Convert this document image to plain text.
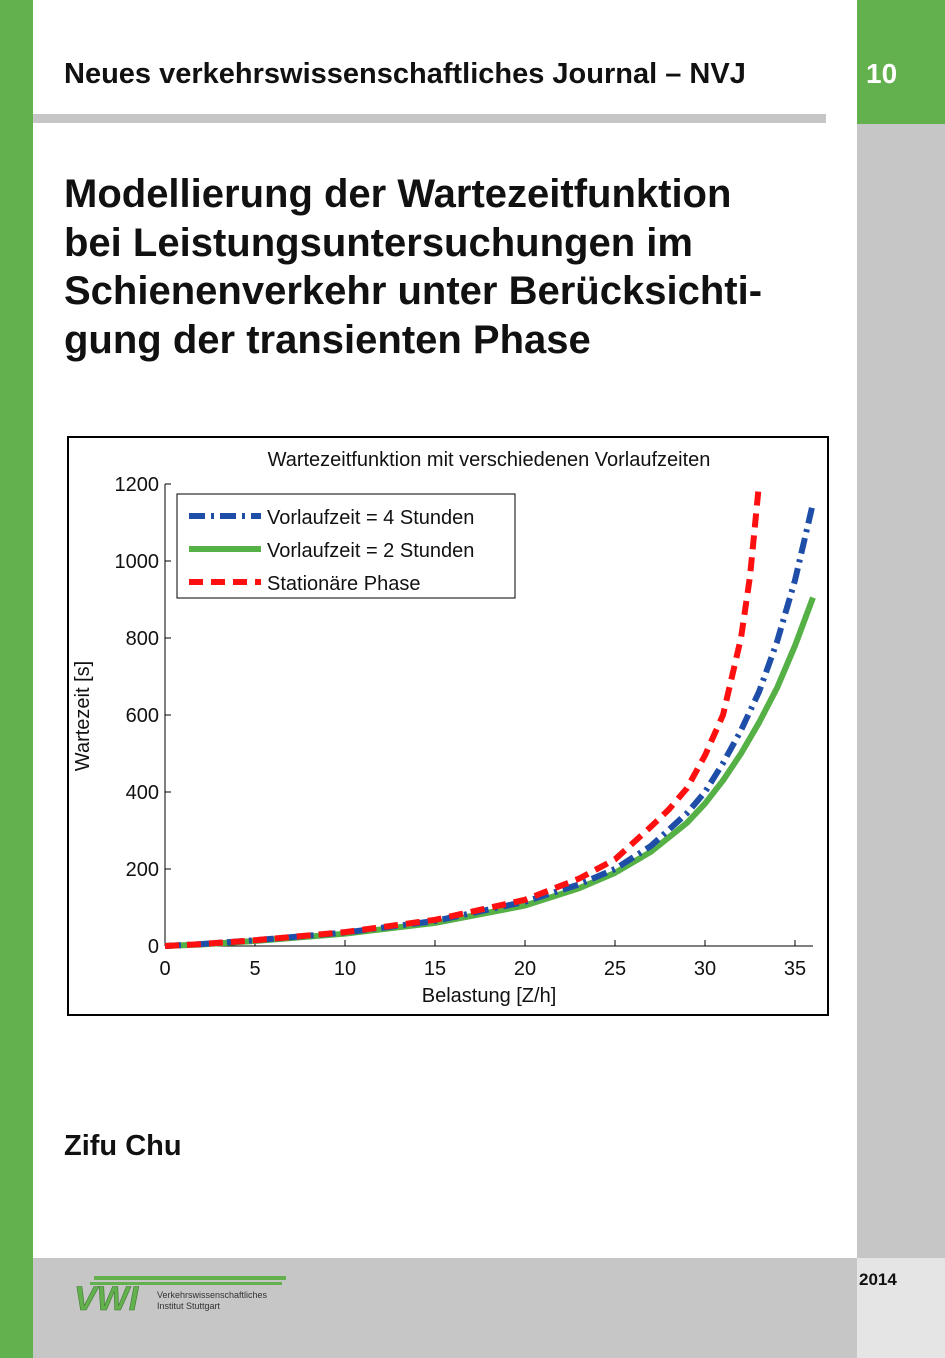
10
Neues verkehrswissenschaftliches Journal – NVJ
Modellierung der Wartezeitfunktion
bei Leistungsuntersuchungen im
Schienenverkehr unter Berücksichti-
gung der transienten Phase
Wartezeitfunktion mit verschiedenen Vorlaufzeiten
0	5	10	15	20	25	30	35
0
200
400
600
800
1000
1200
Vorlaufzeit = 4 Stunden
Vorlaufzeit = 2 Stunden
Stationäre Phase
Belastung [Z/h]
Wartezeit [s]
Zifu Chu
2014
VWI Verkehrswissenschaftliches
Institut Stuttgart
